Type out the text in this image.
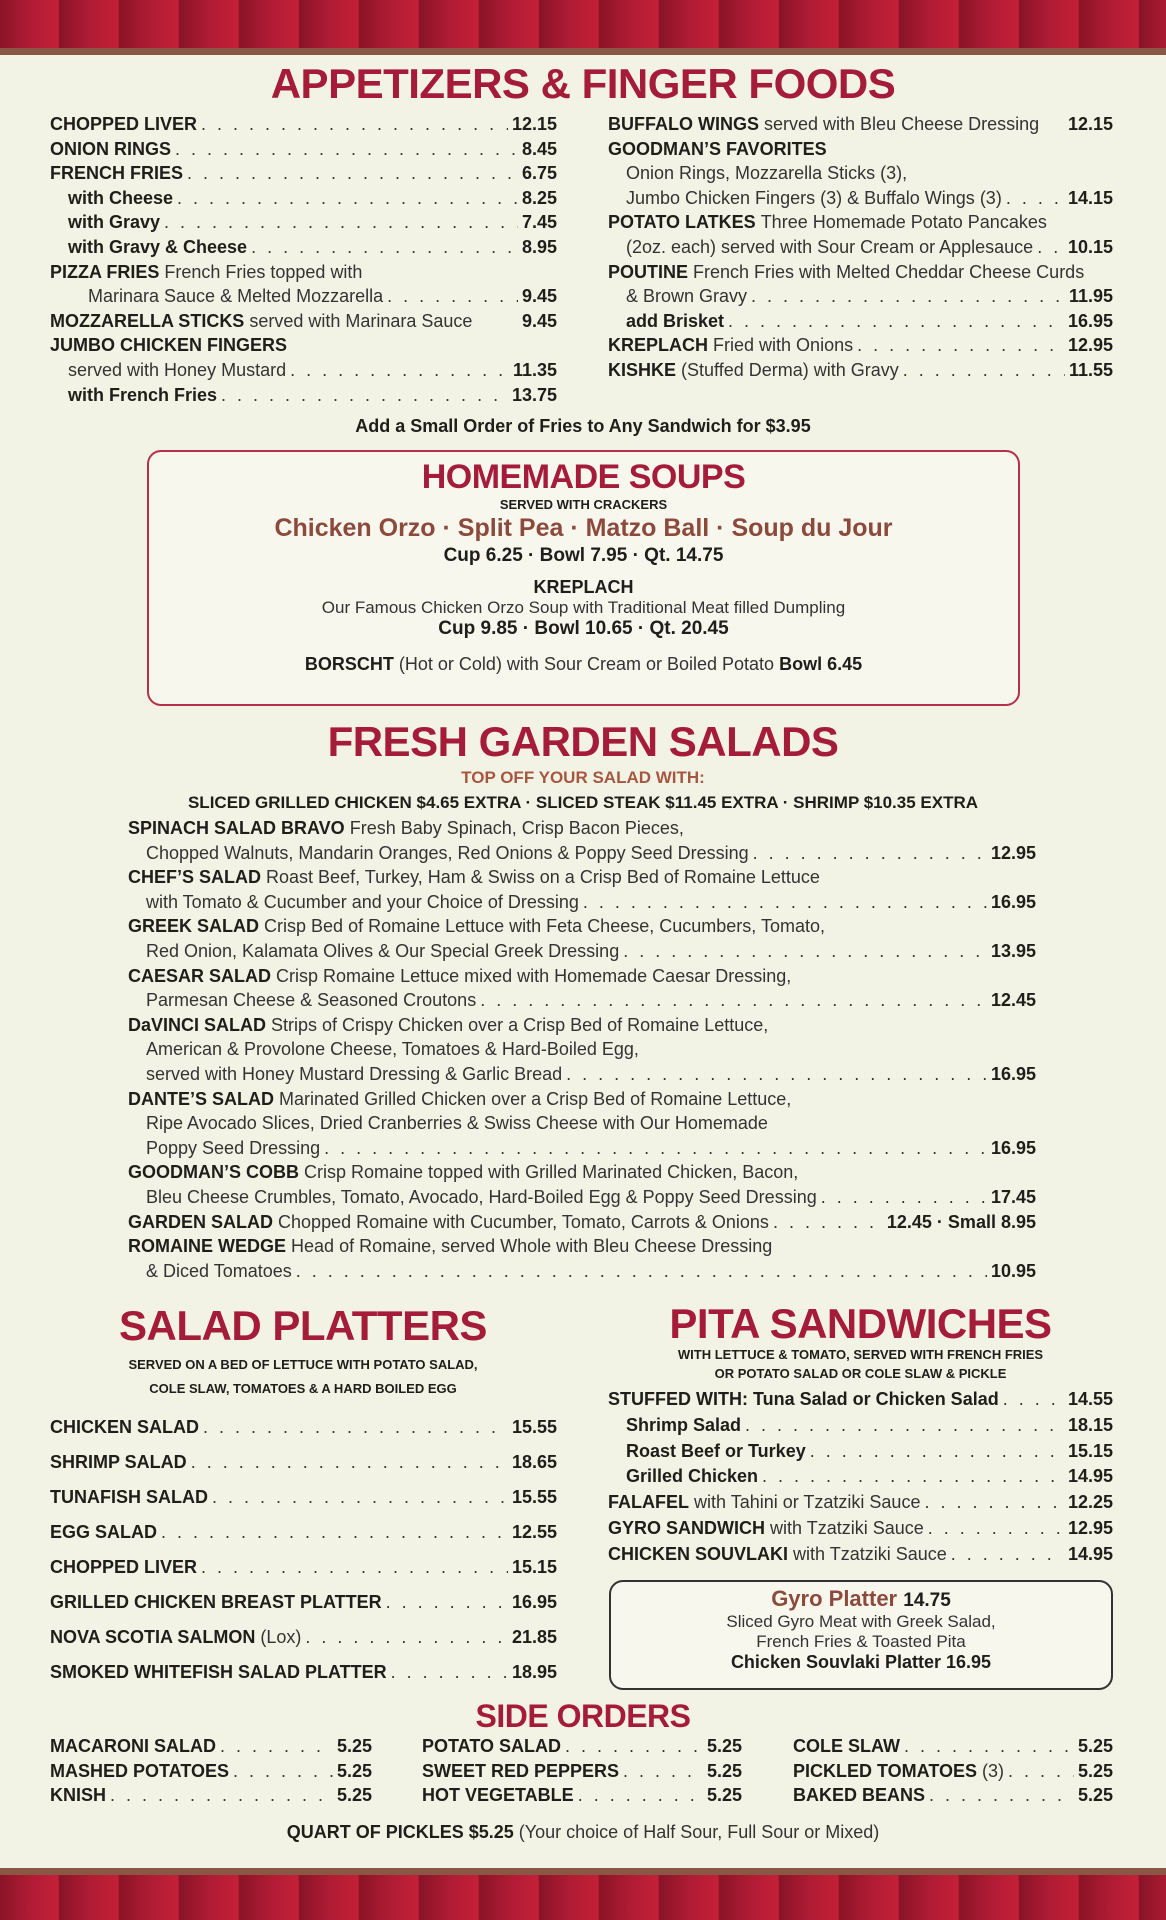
APPETIZERS & FINGER FOODS
CHOPPED LIVER . . .	12.15
ONION RINGS . . .	8.45
FRENCH FRIES . . .	6.75
with Cheese . . .	8.25
with Gravy . . .	7.45
with Gravy & Cheese . . .	8.95
PIZZA FRIES
French Fries topped with
Marinara Sauce & Melted Mozzarella . . .	9.45
MOZZARELLA STICKS
served with Marinara Sauce	9.45
JUMBO CHICKEN FINGERS
served with Honey Mustard . . .	11.35
with French Fries . . .	13.75
BUFFALO WINGS
served with Bleu Cheese Dressing 12.15
GOODMAN’S FAVORITES
Onion Rings, Mozzarella Sticks (3),
Jumbo Chicken Fingers (3) & Buffalo Wings (3) . . .	14.15
POTATO LATKES
Three Homemade Potato Pancakes
(2oz. each) served with Sour Cream or Applesauce . . . 10.15
POUTINE
French Fries with Melted Cheddar Cheese Curds
& Brown Gravy . . .	11.95
add Brisket . . .	16.95
KREPLACH
Fried with Onions . . .	12.95
KISHKE
(Stuffed Derma) with Gravy . . .	11.55
Add a Small Order of Fries to Any Sandwich for $3.95
HOMEMADE SOUPS
SERVED WITH CRACKERS
Chicken Orzo · Split Pea · Matzo Ball · Soup du Jour
Cup 6.25 · Bowl 7.95 · Qt. 14.75
KREPLACH
Our Famous Chicken Orzo Soup with Traditional Meat filled Dumpling
Cup 9.85 · Bowl 10.65 · Qt. 20.45
BORSCHT (Hot or Cold) with Sour Cream or Boiled Potato Bowl 6.45
FRESH GARDEN SALADS
TOP OFF YOUR SALAD WITH:
SLICED GRILLED CHICKEN $4.65 EXTRA · SLICED STEAK $11.45 EXTRA · SHRIMP $10.35 EXTRA
SPINACH SALAD BRAVO
Fresh Baby Spinach, Crisp Bacon Pieces,
Chopped Walnuts, Mandarin Oranges, Red Onions & Poppy Seed Dressing . . .	12.95
CHEF’S SALAD
Roast Beef, Turkey, Ham & Swiss on a Crisp Bed of Romaine Lettuce
with Tomato & Cucumber and your Choice of Dressing . . .	16.95
GREEK SALAD
Crisp Bed of Romaine Lettuce with Feta Cheese, Cucumbers, Tomato,
Red Onion, Kalamata Olives & Our Special Greek Dressing . . .	13.95
CAESAR SALAD
Crisp Romaine Lettuce mixed with Homemade Caesar Dressing,
Parmesan Cheese & Seasoned Croutons . . .	12.45
DaVINCI SALAD
Strips of Crispy Chicken over a Crisp Bed of Romaine Lettuce,
American & Provolone Cheese, Tomatoes & Hard-Boiled Egg,
served with Honey Mustard Dressing & Garlic Bread . . .	16.95
DANTE’S SALAD
Marinated Grilled Chicken over a Crisp Bed of Romaine Lettuce,
Ripe Avocado Slices, Dried Cranberries & Swiss Cheese with Our Homemade
Poppy Seed Dressing . . .	16.95
GOODMAN’S COBB
Crisp Romaine topped with Grilled Marinated Chicken, Bacon,
Bleu Cheese Crumbles, Tomato, Avocado, Hard-Boiled Egg & Poppy Seed Dressing . . .	17.45
GARDEN SALAD
Chopped Romaine with Cucumber, Tomato, Carrots & Onions . . .	12.45 · Small 8.95
ROMAINE WEDGE
Head of Romaine, served Whole with Bleu Cheese Dressing
& Diced Tomatoes . . .	10.95
SALAD PLATTERS
SERVED ON A BED OF LETTUCE WITH POTATO SALAD,
COLE SLAW, TOMATOES & A HARD BOILED EGG
CHICKEN SALAD . . .	15.55
SHRIMP SALAD . . .	18.65
TUNAFISH SALAD . . .	15.55
EGG SALAD . . .	12.55
CHOPPED LIVER . . .	15.15
GRILLED CHICKEN BREAST PLATTER . . .	16.95
NOVA SCOTIA SALMON
(Lox) . . .	21.85
SMOKED WHITEFISH SALAD PLATTER . . .	18.95
PITA SANDWICHES
WITH LETTUCE & TOMATO, SERVED WITH FRENCH FRIES
OR POTATO SALAD OR COLE SLAW & PICKLE
STUFFED WITH: Tuna Salad or Chicken Salad . . .	14.55
Shrimp Salad . . .	18.15
Roast Beef or Turkey . . .	15.15
Grilled Chicken . . .	14.95
FALAFEL
with Tahini or Tzatziki Sauce . . .	12.25
GYRO SANDWICH
with Tzatziki Sauce . . .	12.95
CHICKEN SOUVLAKI
with Tzatziki Sauce . . .	14.95
Gyro Platter 14.75
Sliced Gyro Meat with Greek Salad,
French Fries & Toasted Pita
Chicken Souvlaki Platter 16.95
SIDE ORDERS
MACARONI SALAD . . .	5.25
MASHED POTATOES . . .	5.25
KNISH . . .	5.25
POTATO SALAD . . .	5.25
SWEET RED PEPPERS . . .	5.25
HOT VEGETABLE . . .	5.25
COLE SLAW . . .	5.25
PICKLED TOMATOES
(3) . . .	5.25
BAKED BEANS . . .	5.25
QUART OF PICKLES $5.25 (Your choice of Half Sour, Full Sour or Mixed)
